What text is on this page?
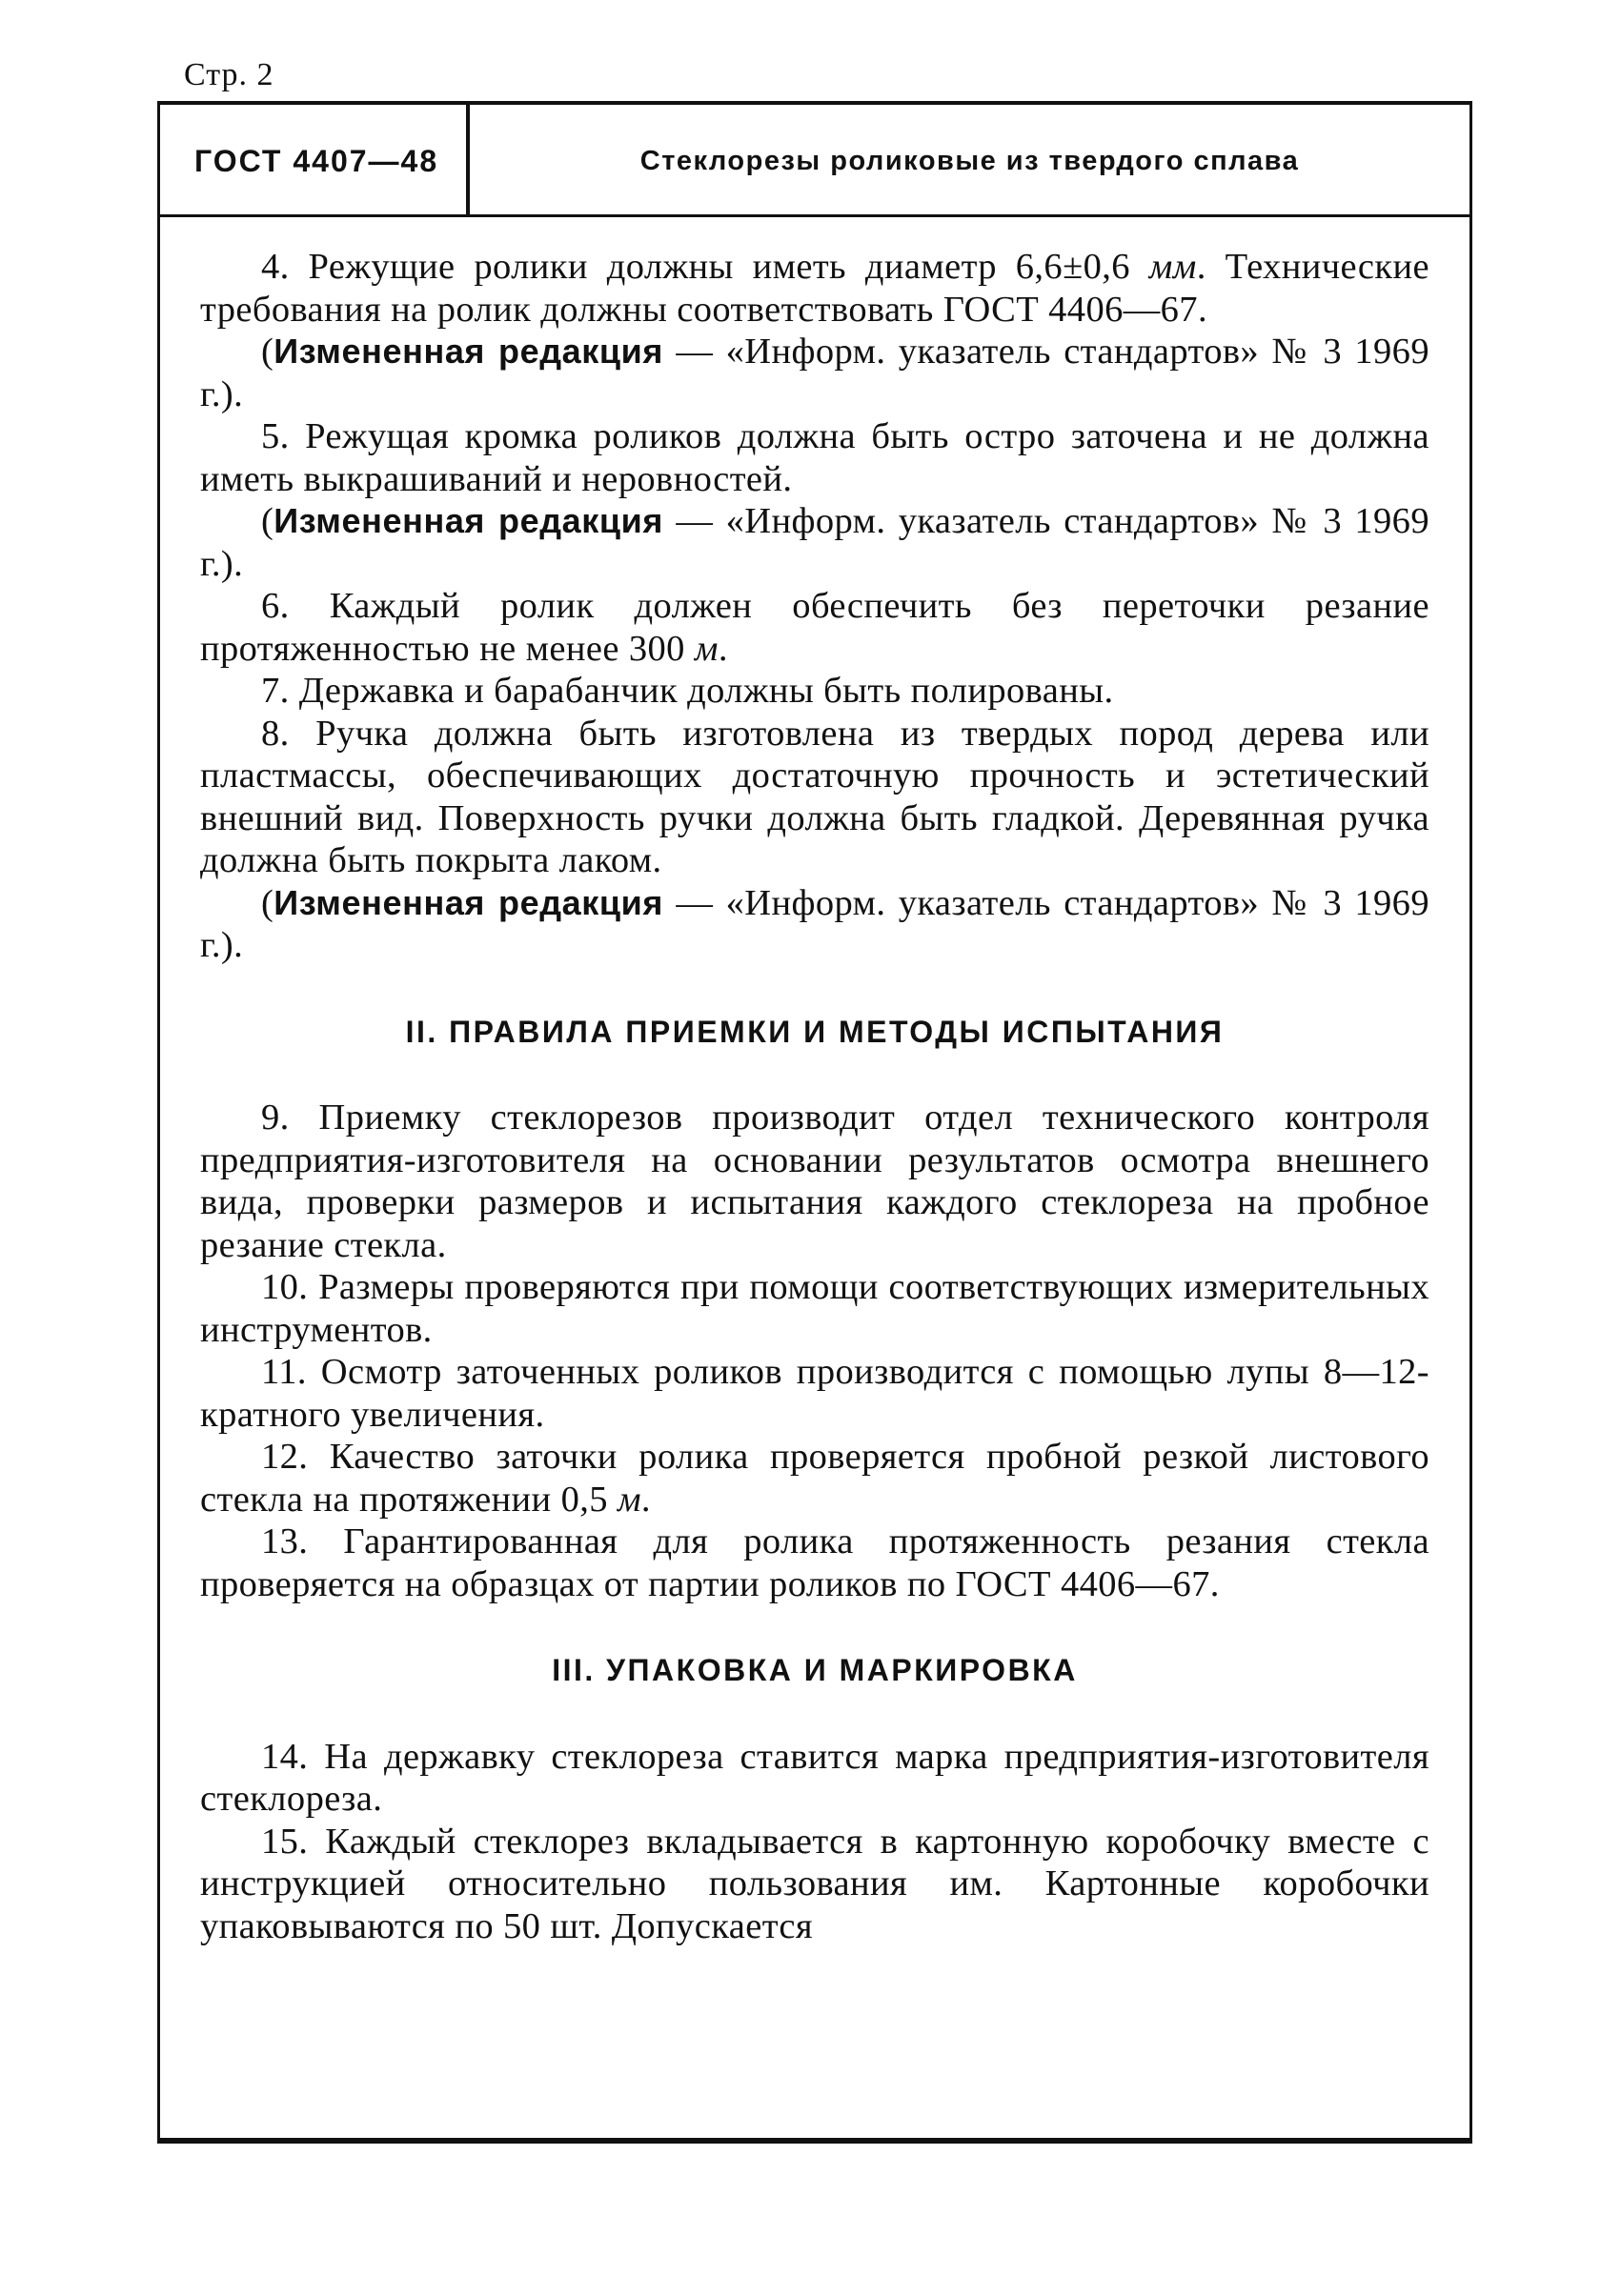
Стр. 2
ГОСТ 4407—48	Стеклорезы роликовые из твердого сплава

4. Режущие ролики должны иметь диаметр 6,6±0,6 мм. Технические требования на ролик должны соответствовать ГОСТ 4406—67.

(Измененная редакция — «Информ. указатель стандартов» № 3 1969 г.).

5. Режущая кромка роликов должна быть остро заточена и не должна иметь выкрашиваний и неровностей.

(Измененная редакция — «Информ. указатель стандартов» № 3 1969 г.).

6. Каждый ролик должен обеспечить без переточки резание протяженностью не менее 300 м.

7. Державка и барабанчик должны быть полированы.

8. Ручка должна быть изготовлена из твердых пород дерева или пластмассы, обеспечивающих достаточную прочность и эстетический внешний вид. Поверхность ручки должна быть гладкой. Деревянная ручка должна быть покрыта лаком.

(Измененная редакция — «Информ. указатель стандартов» № 3 1969 г.).

II. ПРАВИЛА ПРИЕМКИ И МЕТОДЫ ИСПЫТАНИЯ

9. Приемку стеклорезов производит отдел технического контроля предприятия-изготовителя на основании результатов осмотра внешнего вида, проверки размеров и испытания каждого стеклореза на пробное резание стекла.

10. Размеры проверяются при помощи соответствующих измерительных инструментов.

11. Осмотр заточенных роликов производится с помощью лупы 8—12-кратного увеличения.

12. Качество заточки ролика проверяется пробной резкой листового стекла на протяжении 0,5 м.

13. Гарантированная для ролика протяженность резания стекла проверяется на образцах от партии роликов по ГОСТ 4406—67.

III. УПАКОВКА И МАРКИРОВКА

14. На державку стеклореза ставится марка предприятия-изготовителя стеклореза.

15. Каждый стеклорез вкладывается в картонную коробочку вместе с инструкцией относительно пользования им. Картонные коробочки упаковываются по 50 шт. Допускается
